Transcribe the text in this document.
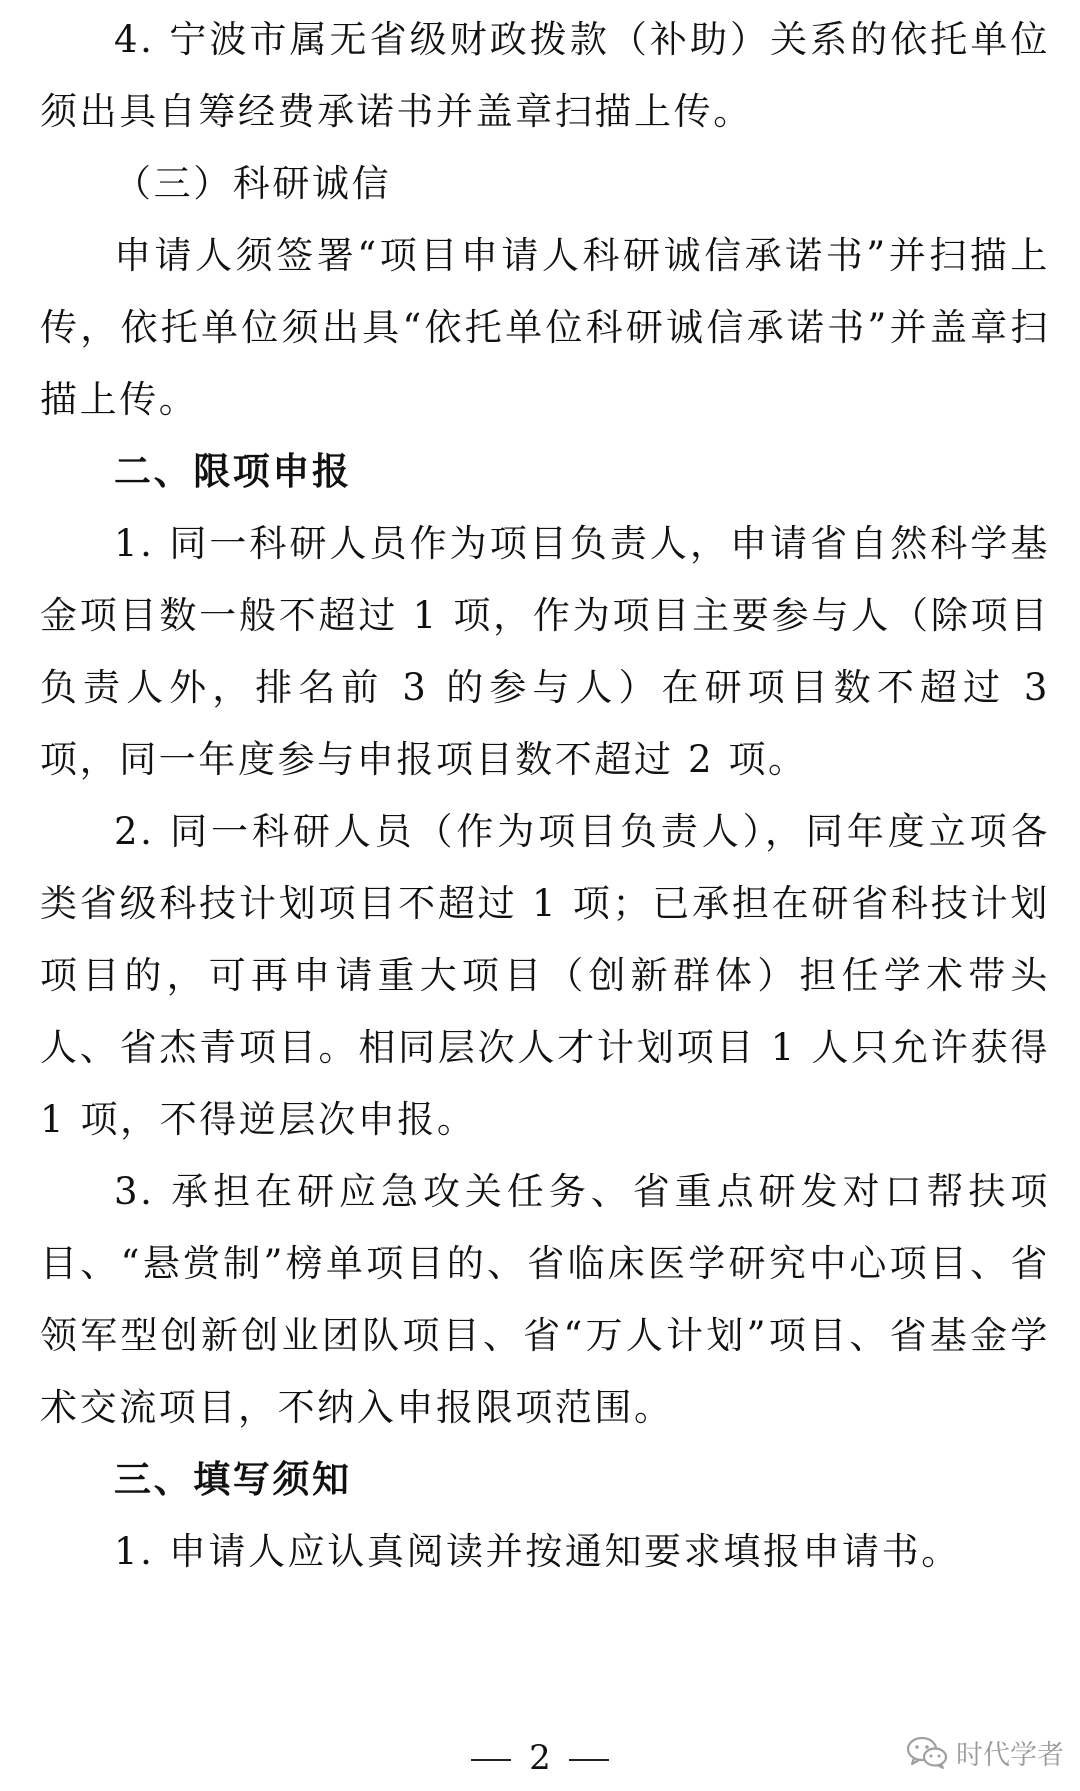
4. 宁波市属无省级财政拨款（补助）关系的依托单位须出具自筹经费承诺书并盖章扫描上传。

（三）科研诚信

申请人须签署“项目申请人科研诚信承诺书”并扫描上传，依托单位须出具“依托单位科研诚信承诺书”并盖章扫描上传。

二、限项申报

1. 同一科研人员作为项目负责人，申请省自然科学基金项目数一般不超过 1 项，作为项目主要参与人（除项目负责人外，排名前 3 的参与人）在研项目数不超过 3 项，同一年度参与申报项目数不超过 2 项。

2. 同一科研人员（作为项目负责人），同年度立项各类省级科技计划项目不超过 1 项；已承担在研省科技计划项目的，可再申请重大项目（创新群体）担任学术带头人、省杰青项目。相同层次人才计划项目 1 人只允许获得 1 项，不得逆层次申报。

3. 承担在研应急攻关任务、省重点研发对口帮扶项目、“悬赏制”榜单项目的、省临床医学研究中心项目、省领军型创新创业团队项目、省“万人计划”项目、省基金学术交流项目，不纳入申报限项范围。

三、填写须知

1. 申请人应认真阅读并按通知要求填报申请书。

2	时代学者
